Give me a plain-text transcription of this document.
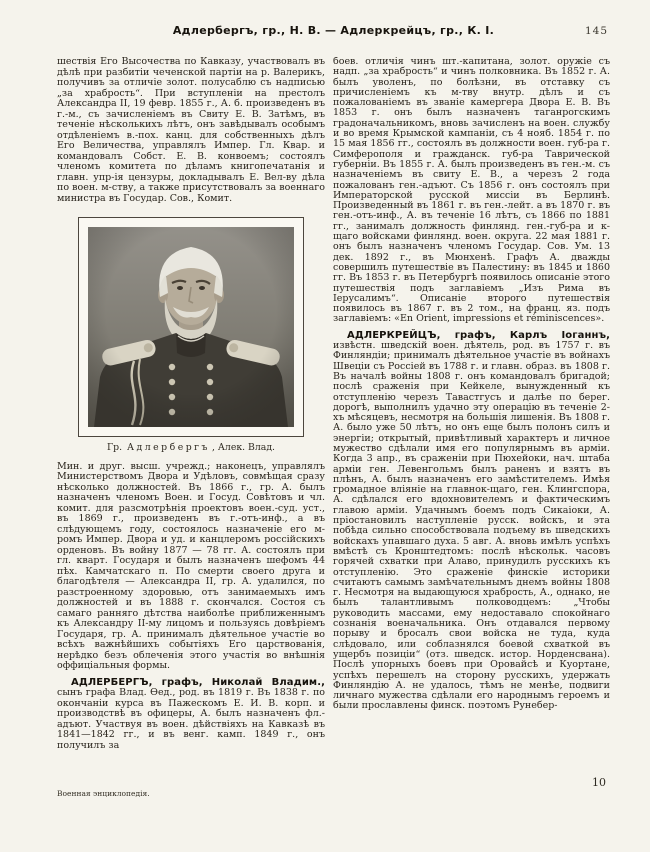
Адлербергъ, гр., Н. В. — Адлеркрейцъ, гр., К. І.	145

шествія Его Высочества по Кавказу, участвовалъ въ дѣлѣ при разбитіи чеченской партіи на р. Валерикъ, получивъ за отличіе золот. полусаблю съ надписью „за храбрость“. При вступленіи на престолъ Александра II, 19 февр. 1855 г., А. б. произведенъ въ г.-м., съ зачисленіемъ въ Свиту Е. В. Затѣмъ, въ теченіе нѣсколькихъ лѣтъ, онъ завѣдывалъ особымъ отдѣленіемъ в.-пох. канц. для собственныхъ дѣлъ Его Величества, управлялъ Импер. Гл. Квар. и командовалъ Собст. Е. В. конвоемъ; состоялъ членомъ комитета по дѣламъ книгопечатанія и главн. упр-ія цензуры, докладывалъ Е. Вел-ву дѣла по воен. м-ству, а также присутствовалъ за военнаго министра въ Государ. Сов., Комит.

Гр. Адлербергъ , Алек. Влад.

Мин. и друг. высш. учрежд.; наконецъ, управлялъ Министерствомъ Двора и Удѣловъ, совмѣщая сразу нѣсколько должностей. Въ 1866 г., гр. А. былъ назначенъ членомъ Воен. и Госуд. Совѣтовъ и чл. комит. для разсмотрѣнія проектовъ воен.-суд. уст., въ 1869 г., произведенъ въ г.-отъ-инф., а въ слѣдующемъ году, состоялось назначеніе его м-ромъ Импер. Двора и уд. и канцлеромъ россійскихъ орденовъ. Въ войну 1877 — 78 гг. А. состоялъ при гл. кварт. Государя и былъ назначенъ шефомъ 44 пѣх. Камчатскаго п. По смерти своего друга и благодѣтеля — Александра II, гр. А. удалился, по разстроенному здоровью, отъ занимаемыхъ имъ должностей и въ 1888 г. скончался. Состоя съ самаго ранняго дѣтства наиболѣе приближеннымъ къ Александру II-му лицомъ и пользуясь довѣріемъ Государя, гр. А. принималъ дѣятельное участіе во всѣхъ важнѣйшихъ событіяхъ Его царствованія, нерѣдко безъ облеченія этого участія во внѣшнія оффиціальныя формы.

АДЛЕРБЕРГЪ, графъ, Николай Владим., сынъ графа Влад. Ѳед., род. въ 1819 г. Въ 1838 г. по окончаніи курса въ Пажескомъ Е. И. В. корп. и производствѣ въ офицеры, А. былъ назначенъ фл.-адъют. Участвуя въ воен. дѣйствіяхъ на Кавказѣ въ 1841—1842 гг., и въ венг. камп. 1849 г., онъ получилъ за

боев. отличія чинъ шт.-капитана, золот. оружіе съ надп. „за храбрость“ и чинъ полковника. Въ 1852 г. А. былъ уволенъ, по болѣзни, въ отставку съ причисленіемъ къ м-тву внутр. дѣлъ и съ пожалованіемъ въ званіе камергера Двора Е. В. Въ 1853 г. онъ былъ назначенъ таганрогскимъ градоначальникомъ, вновь зачисленъ на воен. службу и во время Крымской кампаніи, съ 4 нояб. 1854 г. по 15 мая 1856 гг., состоялъ въ должности воен. губ-ра г. Симферополя и гражданск. губ-ра Таврической губерніи. Въ 1855 г. А. былъ произведенъ въ ген.-м. съ назначеніемъ въ свиту Е. В., а черезъ 2 года пожалованъ ген.-адъют. Съ 1856 г. онъ состоялъ при Императорской русской миссіи въ Берлинѣ. Произведенный въ 1861 г. въ ген.-лейт. а въ 1870 г. въ ген.-отъ-инф., А. въ теченіе 16 лѣтъ, съ 1866 по 1881 гг., занималъ должность финлянд. ген.-губ-ра и к-щаго войсками финлянд. воен. округа. 22 мая 1881 г. онъ былъ назначенъ членомъ Государ. Сов. Ум. 13 дек. 1892 г., въ Мюнхенѣ. Графъ А. дважды совершилъ путешествіе въ Палестину: въ 1845 и 1860 гг. Въ 1853 г. въ Петербургѣ появилось описаніе этого путешествія подъ заглавіемъ „Изъ Рима въ Іерусалимъ“. Описаніе второго путешествія появилось въ 1867 г. въ 2 том., на франц. яз. подъ заглавіемъ: «En Orient, impressions et réminiscences».

АДЛЕРКРЕЙЦЪ, графъ, Карлъ Іоганнъ, извѣстн. шведскій воен. дѣятель, род. въ 1757 г. въ Финляндіи; принималъ дѣятельное участіе въ войнахъ Швеціи съ Россіей въ 1788 г. и главн. образ. въ 1808 г. Въ началѣ войны 1808 г. онъ командовалъ бригадой; послѣ сраженія при Кейкеле, вынужденный къ отступленію черезъ Тавастгусъ и далѣе по берег. дорогѣ, выполнилъ удачно эту операцію въ теченіе 2-хъ мѣсяцевъ, несмотря на большія лишенія. Въ 1808 г. А. было уже 50 лѣтъ, но онъ еще былъ полонъ силъ и энергіи; открытый, привѣтливый характеръ и личное мужество сдѣлали имя его популярнымъ въ арміи. Когда 3 апр., въ сраженіи при Пюхейоки, нач. штаба арміи ген. Левенгольмъ былъ раненъ и взятъ въ плѣнъ, А. былъ назначенъ его замѣстителемъ. Имѣя громадное вліяніе на главнок-щаго, ген. Клингспора, А. сдѣлался его вдохновителемъ и фактическимъ главою арміи. Удачнымъ боемъ подъ Сикаіоки, А. пріостановилъ наступленіе русск. войскъ, и эта побѣда сильно способствовала подъему въ шведскихъ войскахъ упавшаго духа. 5 авг. А. вновь имѣлъ успѣхъ вмѣстѣ съ Кронштедтомъ: послѣ нѣскольк. часовъ горячей схватки при Алаво, принудилъ русскихъ къ отступленію. Это сраженіе финскіе историки считаютъ самымъ замѣчательнымъ днемъ войны 1808 г. Несмотря на выдающуюся храбрость, А., однако, не былъ талантливымъ полководцемъ: „Чтобы руководить массами, ему недоставало спокойнаго сознанія военачальника. Онъ отдавался первому порыву и бросалъ свои войска не туда, куда слѣдовало, или соблазнялся боевой схваткой въ ущербъ позиціи“ (отз. шведск. истор. Норденсвана). Послѣ упорныхъ боевъ при Оровайсѣ и Куортане, успѣхъ перешелъ на сторону русскихъ, удержать Финляндію А. не удалось, тѣмъ не менѣе, подвиги личнаго мужества сдѣлали его народнымъ героемъ и были прославлены финск. поэтомъ Рунебер-

Военная энциклопедія.
10
